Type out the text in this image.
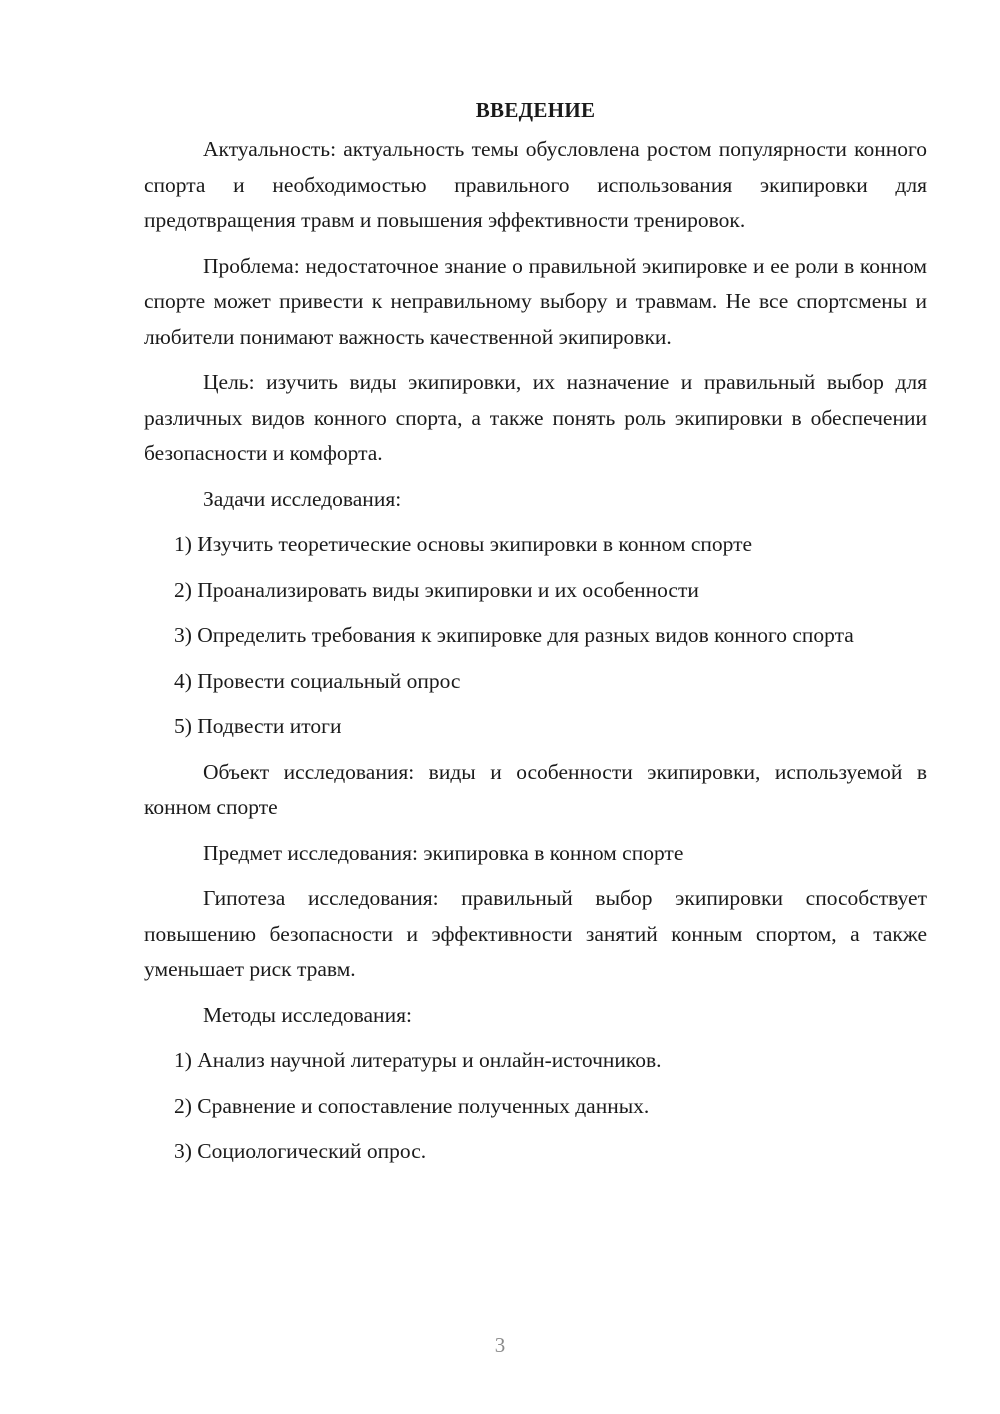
ВВЕДЕНИЕ

Актуальность: актуальность темы обусловлена ростом популярности конного спорта и необходимостью правильного использования экипировки для предотвращения травм и повышения эффективности тренировок.

Проблема: недостаточное знание о правильной экипировке и ее роли в конном спорте может привести к неправильному выбору и травмам. Не все спортсмены и любители понимают важность качественной экипировки.

Цель: изучить виды экипировки, их назначение и правильный выбор для различных видов конного спорта, а также понять роль экипировки в обеспечении безопасности и комфорта.

Задачи исследования:

1) Изучить теоретические основы экипировки в конном спорте

2) Проанализировать виды экипировки и их особенности

3) Определить требования к экипировке для разных видов конного спорта

4) Провести социальный опрос

5) Подвести итоги

Объект исследования: виды и особенности экипировки, используемой в конном спорте

Предмет исследования: экипировка в конном спорте

Гипотеза исследования: правильный выбор экипировки способствует повышению безопасности и эффективности занятий конным спортом, а также уменьшает риск травм.

Методы исследования:

1) Анализ научной литературы и онлайн-источников.

2) Сравнение и сопоставление полученных данных.

3) Социологический опрос.

3
